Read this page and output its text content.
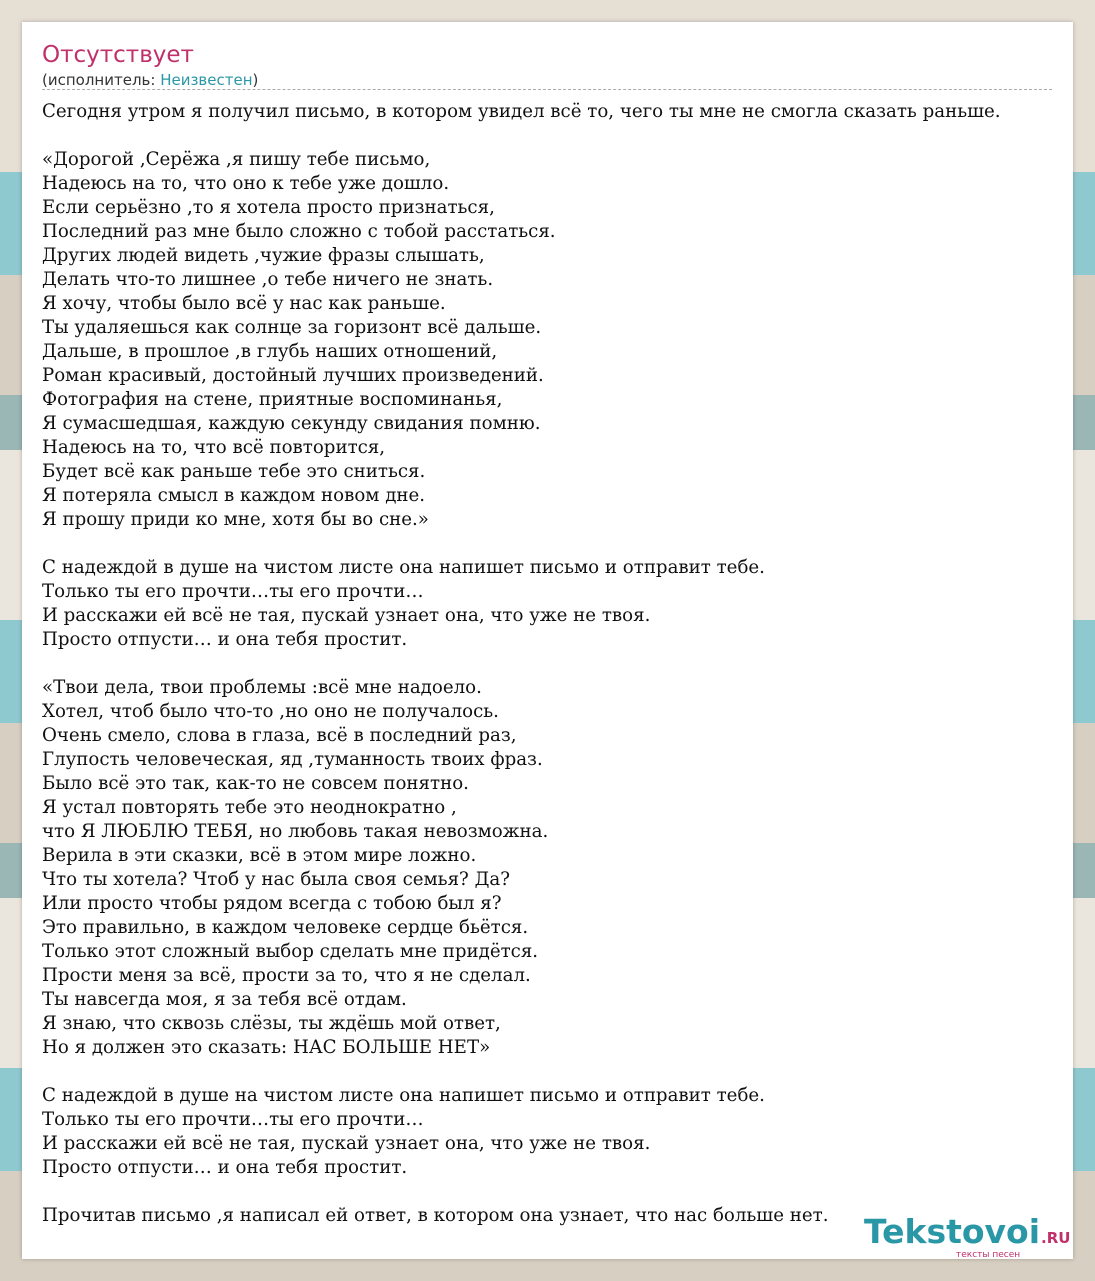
Отсутствует
(исполнитель: Неизвестен)
Сегодня утром я получил письмо, в котором увидел всё то, чего ты мне не смогла сказать раньше.

«Дорогой ,Серёжа ,я пишу тебе письмо,
Надеюсь на то, что оно к тебе уже дошло.
Если серьёзно ,то я хотела просто признаться,
Последний раз мне было сложно с тобой расстаться.
Других людей видеть ,чужие фразы слышать,
Делать что-то лишнее ,о тебе ничего не знать.
Я хочу, чтобы было всё у нас как раньше.
Ты удаляешься как солнце за горизонт всё дальше.
Дальше, в прошлое ,в глубь наших отношений,
Роман красивый, достойный лучших произведений.
Фотография на стене, приятные воспоминанья,
Я сумасшедшая, каждую секунду свидания помню.
Надеюсь на то, что всё повторится,
Будет всё как раньше тебе это сниться.
Я потеряла смысл в каждом новом дне.
Я прошу приди ко мне, хотя бы во сне.»

С надеждой в душе на чистом листе она напишет письмо и отправит тебе.
Только ты его прочти…ты его прочти…
И расскажи ей всё не тая, пускай узнает она, что уже не твоя.
Просто отпусти… и она тебя простит.

«Твои дела, твои проблемы :всё мне надоело.
Хотел, чтоб было что-то ,но оно не получалось.
Очень смело, слова в глаза, всё в последний раз,
Глупость человеческая, яд ,туманность твоих фраз.
Было всё это так, как-то не совсем понятно.
Я устал повторять тебе это неоднократно ,
что Я ЛЮБЛЮ ТЕБЯ, но любовь такая невозможна.
Верила в эти сказки, всё в этом мире ложно.
Что ты хотела? Чтоб у нас была своя семья? Да?
Или просто чтобы рядом всегда с тобою был я?
Это правильно, в каждом человеке сердце бьётся.
Только этот сложный выбор сделать мне придётся.
Прости меня за всё, прости за то, что я не сделал.
Ты навсегда моя, я за тебя всё отдам.
Я знаю, что сквозь слёзы, ты ждёшь мой ответ,
Но я должен это сказать: НАС БОЛЬШЕ НЕТ»

С надеждой в душе на чистом листе она напишет письмо и отправит тебе.
Только ты его прочти…ты его прочти…
И расскажи ей всё не тая, пускай узнает она, что уже не твоя.
Просто отпусти… и она тебя простит.

Прочитав письмо ,я написал ей ответ, в котором она узнает, что нас больше нет.	Tekstovoi.RU
тексты песен
